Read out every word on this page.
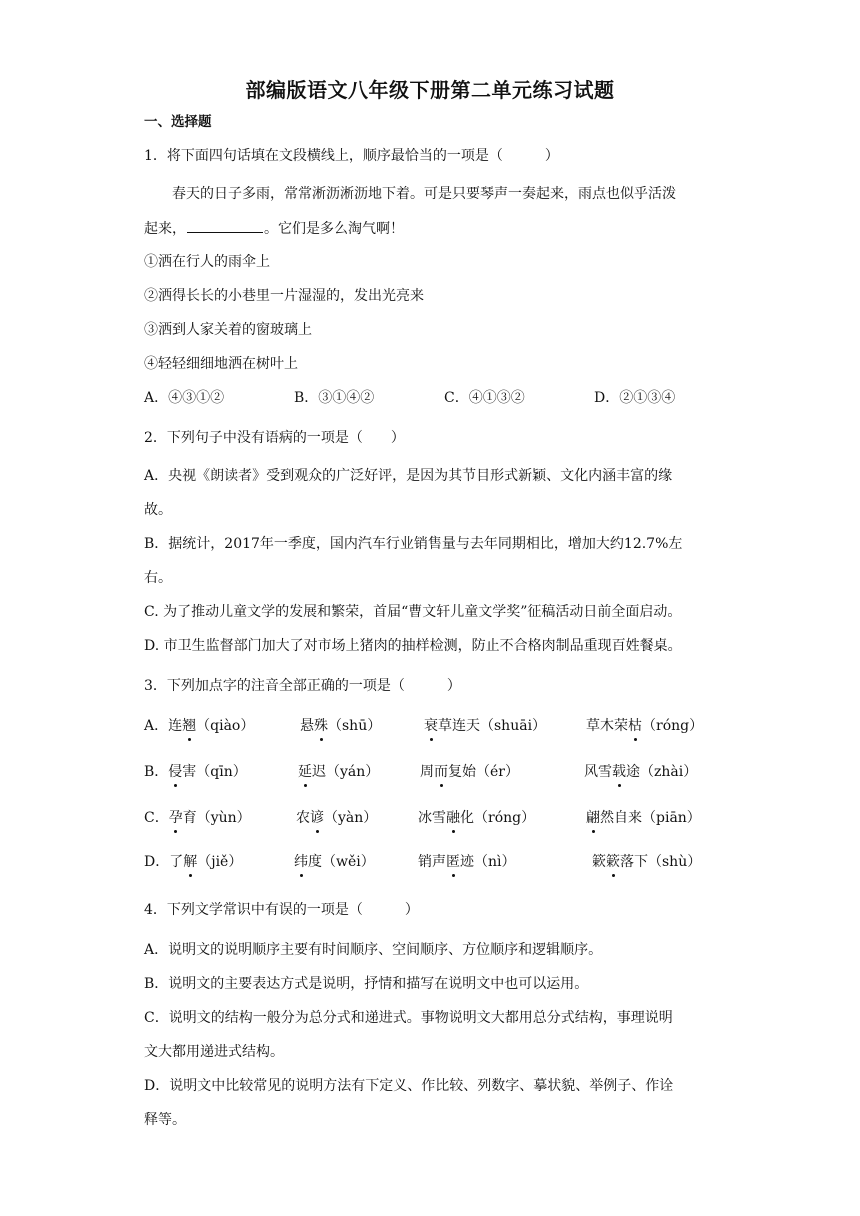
部编版语文八年级下册第二单元练习试题
一、选择题
1．将下面四句话填在文段横线上，顺序最恰当的一项是（　　　）
春天的日子多雨，常常淅沥淅沥地下着。可是只要琴声一奏起来，雨点也似乎活泼
起来，	。它们是多么淘气啊！
①洒在行人的雨伞上
②洒得长长的小巷里一片湿湿的，发出光亮来
③洒到人家关着的窗玻璃上
④轻轻细细地洒在树叶上
A．④③①②	B．③①④②	C．④①③②	D．②①③④
2．下列句子中没有语病的一项是（　　）
A．央视《朗读者》受到观众的广泛好评，是因为其节目形式新颖、文化内涵丰富的缘
故。
B．据统计，2017年一季度，国内汽车行业销售量与去年同期相比，增加大约12.7%左
右。
C. 为了推动儿童文学的发展和繁荣，首届“曹文轩儿童文学奖”征稿活动日前全面启动。
D. 市卫生监督部门加大了对市场上猪肉的抽样检测，防止不合格肉制品重现百姓餐桌。
3．下列加点字的注音全部正确的一项是（　　　）
A．连翘（qiào）	悬殊（shū）	衰草连天（shuāi）	草木荣枯（róng）
B．侵害（qīn）	延迟（yán）	周而复始（ér）	风雪载途（zhài）
C．孕育（yùn）	农谚（yàn）	冰雪融化（róng）	翩然自来（piān）
D．了解（jiě）	纬度（wěi）	销声匿迹（nì）	簌簌落下（shù）
4．下列文学常识中有误的一项是（　　　）
A．说明文的说明顺序主要有时间顺序、空间顺序、方位顺序和逻辑顺序。
B．说明文的主要表达方式是说明，抒情和描写在说明文中也可以运用。
C．说明文的结构一般分为总分式和递进式。事物说明文大都用总分式结构，事理说明
文大都用递进式结构。
D．说明文中比较常见的说明方法有下定义、作比较、列数字、摹状貌、举例子、作诠
释等。
